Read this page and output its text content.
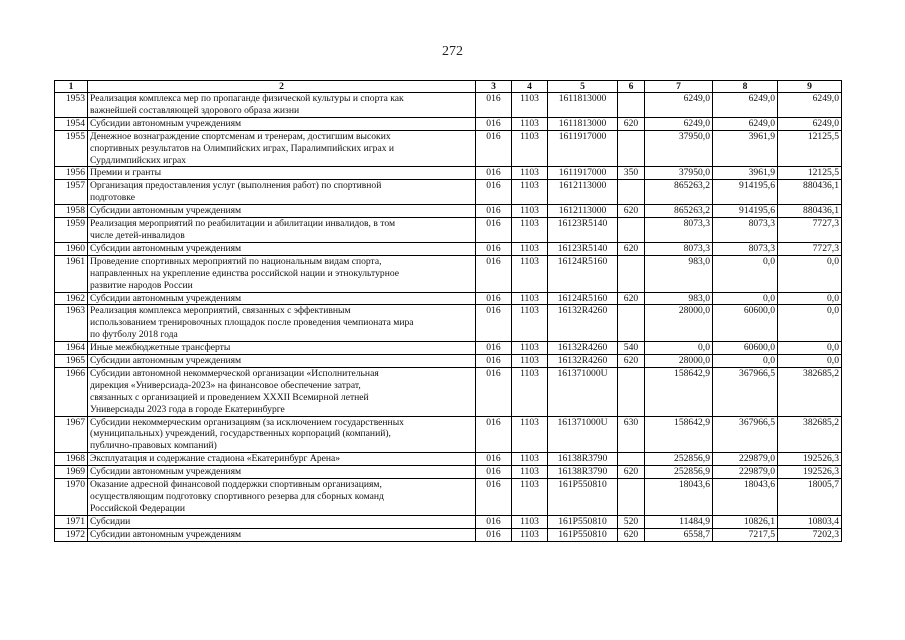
272
1	2	3	4	5	6	7	8	9
1953	Реализация комплекса мер по пропаганде физической культуры и спорта как
важнейшей составляющей здорового образа жизни	016	1103	1611813000		6249,0	6249,0	6249,0
1954	Субсидии автономным учреждениям	016	1103	1611813000	620	6249,0	6249,0	6249,0
1955	Денежное вознаграждение спортсменам и тренерам, достигшим высоких
спортивных результатов на Олимпийских играх, Паралимпийских играх и
Сурдлимпийских играх	016	1103	1611917000		37950,0	3961,9	12125,5
1956	Премии и гранты	016	1103	1611917000	350	37950,0	3961,9	12125,5
1957	Организация предоставления услуг (выполнения работ) по спортивной
подготовке	016	1103	1612113000		865263,2	914195,6	880436,1
1958	Субсидии автономным учреждениям	016	1103	1612113000	620	865263,2	914195,6	880436,1
1959	Реализация мероприятий по реабилитации и абилитации инвалидов, в том
числе детей-инвалидов	016	1103	16123R5140		8073,3	8073,3	7727,3
1960	Субсидии автономным учреждениям	016	1103	16123R5140	620	8073,3	8073,3	7727,3
1961	Проведение спортивных мероприятий по национальным видам спорта,
направленных на укрепление единства российской нации и этнокультурное
развитие народов России	016	1103	16124R5160		983,0	0,0	0,0
1962	Субсидии автономным учреждениям	016	1103	16124R5160	620	983,0	0,0	0,0
1963	Реализация комплекса мероприятий, связанных с эффективным
использованием тренировочных площадок после проведения чемпионата мира
по футболу 2018 года	016	1103	16132R4260		28000,0	60600,0	0,0
1964	Иные межбюджетные трансферты	016	1103	16132R4260	540	0,0	60600,0	0,0
1965	Субсидии автономным учреждениям	016	1103	16132R4260	620	28000,0	0,0	0,0
1966	Субсидии автономной некоммерческой организации «Исполнительная
дирекция «Универсиада-2023» на финансовое обеспечение затрат,
связанных с организацией и проведением XXXII Всемирной летней
Универсиады 2023 года в городе Екатеринбурге	016	1103	161371000U		158642,9	367966,5	382685,2
1967	Субсидии некоммерческим организациям (за исключением государственных
(муниципальных) учреждений, государственных корпораций (компаний),
публично-правовых компаний)	016	1103	161371000U	630	158642,9	367966,5	382685,2
1968	Эксплуатация и содержание стадиона «Екатеринбург Арена»	016	1103	16138R3790		252856,9	229879,0	192526,3
1969	Субсидии автономным учреждениям	016	1103	16138R3790	620	252856,9	229879,0	192526,3
1970	Оказание адресной финансовой поддержки спортивным организациям,
осуществляющим подготовку спортивного резерва для сборных команд
Российской Федерации	016	1103	161P550810		18043,6	18043,6	18005,7
1971	Субсидии	016	1103	161P550810	520	11484,9	10826,1	10803,4
1972	Субсидии автономным учреждениям	016	1103	161P550810	620	6558,7	7217,5	7202,3
